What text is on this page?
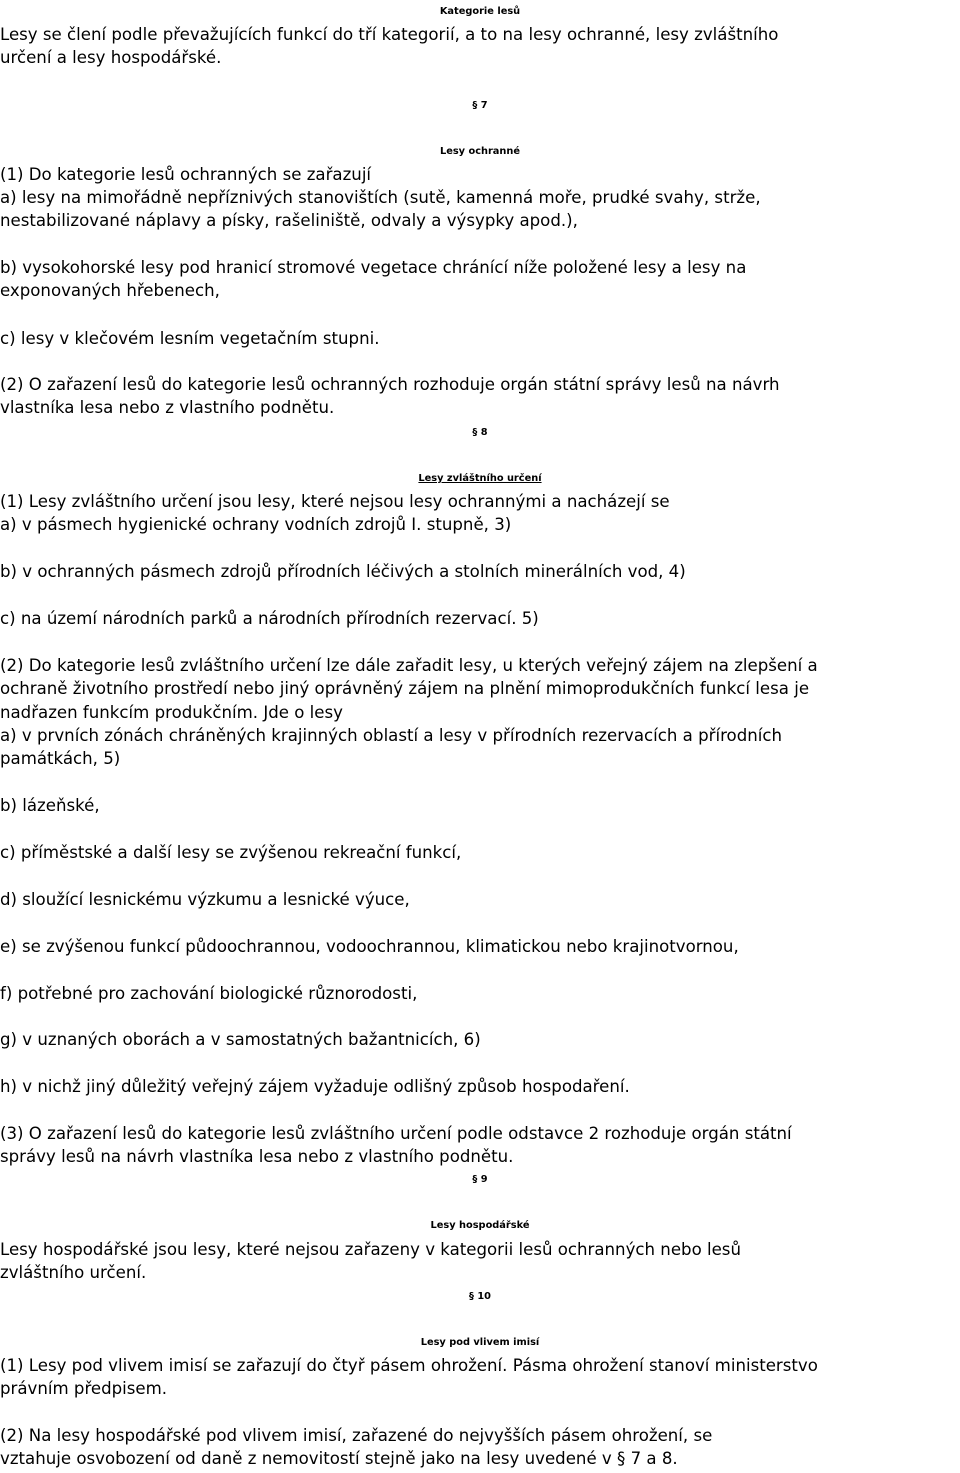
Kategorie lesů
Lesy se člení podle převažujících funkcí do tří kategorií, a to na lesy ochranné, lesy zvláštního
určení a lesy hospodářské.
§ 7
Lesy ochranné
(1) Do kategorie lesů ochranných se zařazují
a) lesy na mimořádně nepříznivých stanovištích (sutě, kamenná moře, prudké svahy, strže,
nestabilizované náplavy a písky, rašeliniště, odvaly a výsypky apod.),
b) vysokohorské lesy pod hranicí stromové vegetace chránící níže položené lesy a lesy na
exponovaných hřebenech,
c) lesy v klečovém lesním vegetačním stupni.
(2) O zařazení lesů do kategorie lesů ochranných rozhoduje orgán státní správy lesů na návrh
vlastníka lesa nebo z vlastního podnětu.
§ 8
Lesy zvláštního určení
(1) Lesy zvláštního určení jsou lesy, které nejsou lesy ochrannými a nacházejí se
a) v pásmech hygienické ochrany vodních zdrojů I. stupně, 3)
b) v ochranných pásmech zdrojů přírodních léčivých a stolních minerálních vod, 4)
c) na území národních parků a národních přírodních rezervací. 5)
(2) Do kategorie lesů zvláštního určení lze dále zařadit lesy, u kterých veřejný zájem na zlepšení a
ochraně životního prostředí nebo jiný oprávněný zájem na plnění mimoprodukčních funkcí lesa je
nadřazen funkcím produkčním. Jde o lesy
a) v prvních zónách chráněných krajinných oblastí a lesy v přírodních rezervacích a přírodních
památkách, 5)
b) lázeňské,
c) příměstské a další lesy se zvýšenou rekreační funkcí,
d) sloužící lesnickému výzkumu a lesnické výuce,
e) se zvýšenou funkcí půdoochrannou, vodoochrannou, klimatickou nebo krajinotvornou,
f) potřebné pro zachování biologické různorodosti,
g) v uznaných oborách a v samostatných bažantnicích, 6)
h) v nichž jiný důležitý veřejný zájem vyžaduje odlišný způsob hospodaření.
(3) O zařazení lesů do kategorie lesů zvláštního určení podle odstavce 2 rozhoduje orgán státní
správy lesů na návrh vlastníka lesa nebo z vlastního podnětu.
§ 9
Lesy hospodářské
Lesy hospodářské jsou lesy, které nejsou zařazeny v kategorii lesů ochranných nebo lesů
zvláštního určení.
§ 10
Lesy pod vlivem imisí
(1) Lesy pod vlivem imisí se zařazují do čtyř pásem ohrožení. Pásma ohrožení stanoví ministerstvo
právním předpisem.
(2) Na lesy hospodářské pod vlivem imisí, zařazené do nejvyšších pásem ohrožení, se
vztahuje osvobození od daně z nemovitostí stejně jako na lesy uvedené v § 7 a 8.
